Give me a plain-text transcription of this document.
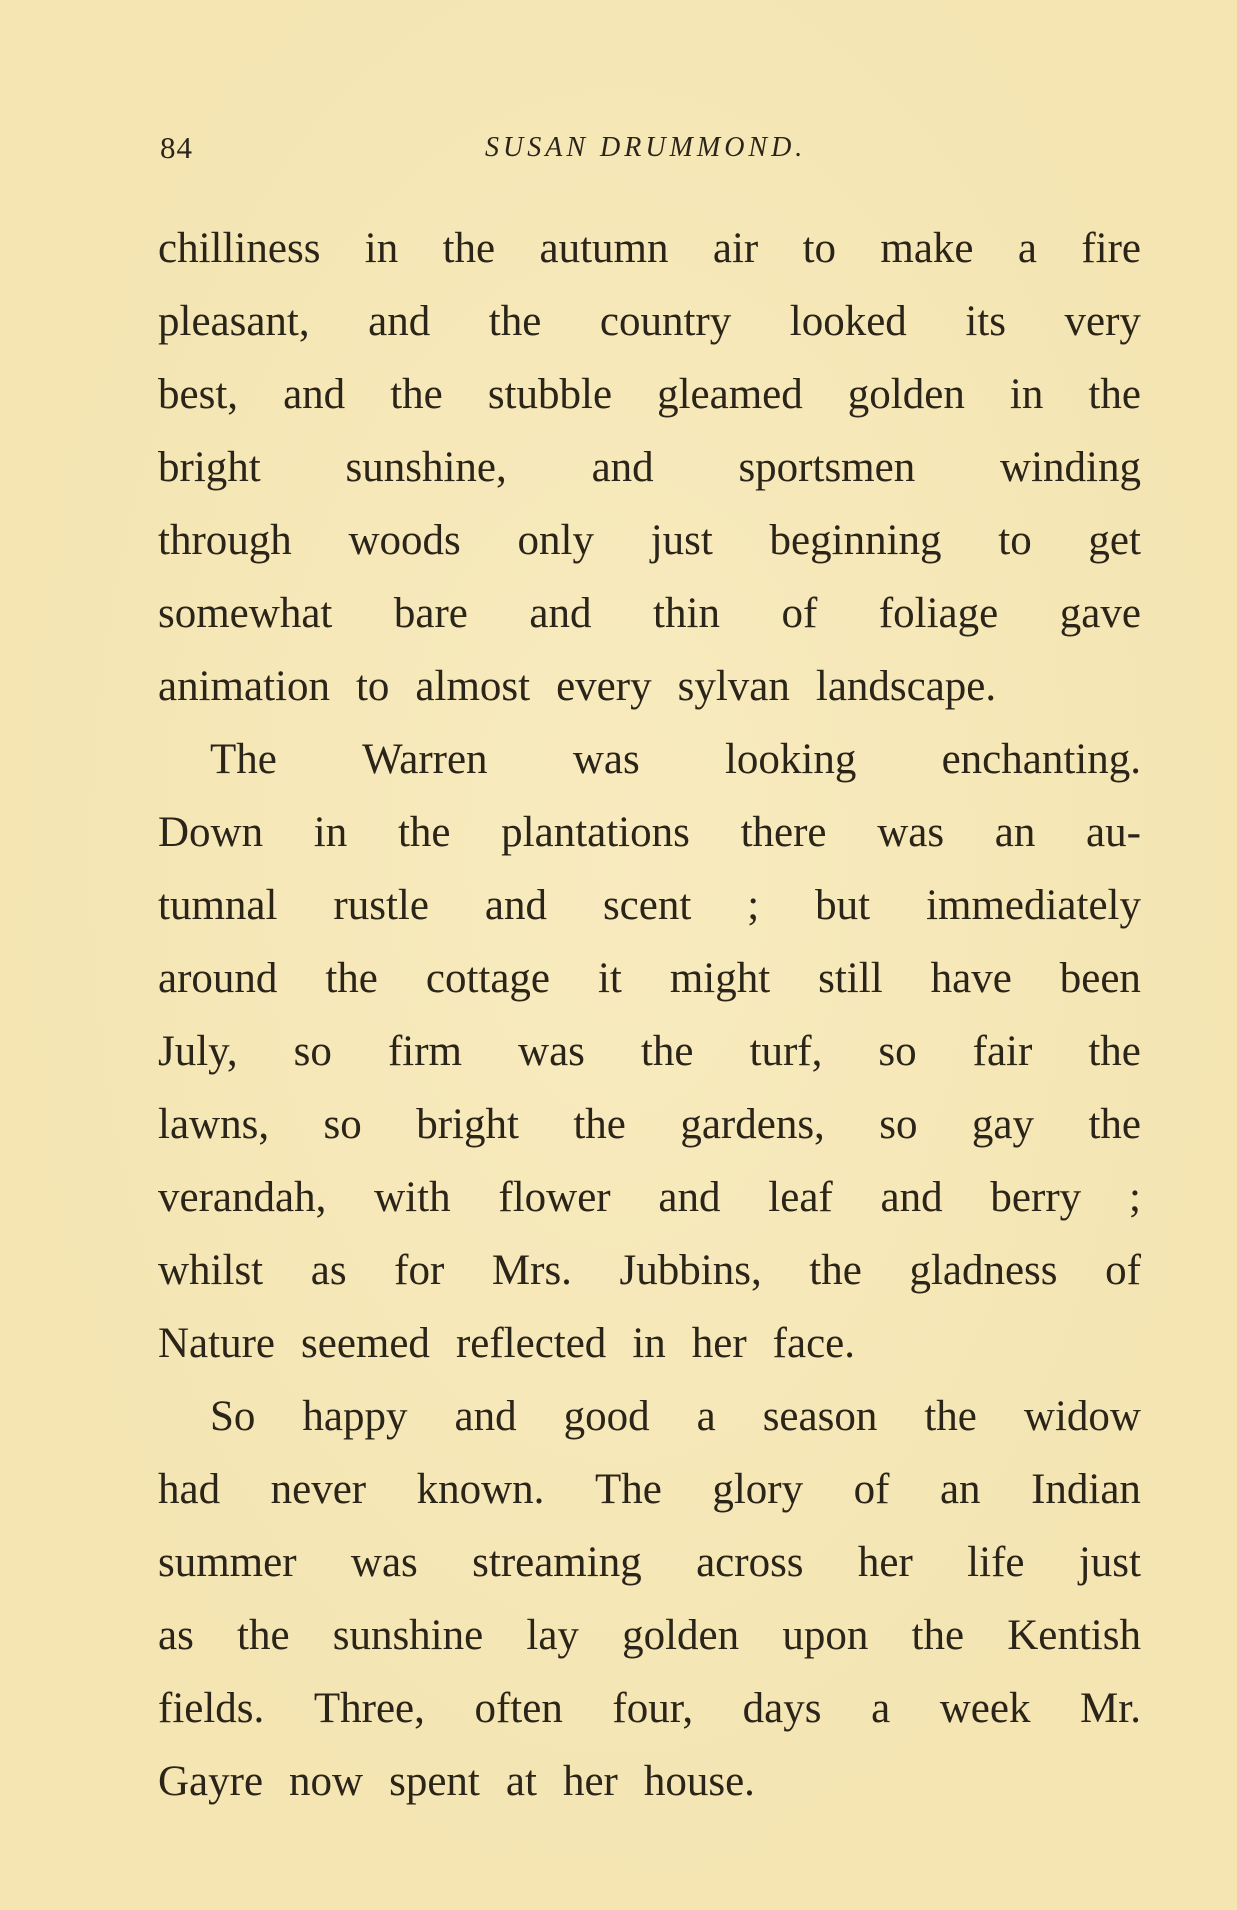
84	SUSAN DRUMMOND.
chilliness in the autumn air to make a fire
pleasant, and the country looked its very
best, and the stubble gleamed golden in the
bright sunshine, and sportsmen winding
through woods only just beginning to get
somewhat bare and thin of foliage gave
animation to almost every sylvan landscape.
The Warren was looking enchanting.
Down in the plantations there was an au-
tumnal rustle and scent ; but immediately
around the cottage it might still have been
July, so firm was the turf, so fair the
lawns, so bright the gardens, so gay the
verandah, with flower and leaf and berry ;
whilst as for Mrs. Jubbins, the gladness of
Nature seemed reflected in her face.
So happy and good a season the widow
had never known. The glory of an Indian
summer was streaming across her life just
as the sunshine lay golden upon the Kentish
fields. Three, often four, days a week Mr.
Gayre now spent at her house.
